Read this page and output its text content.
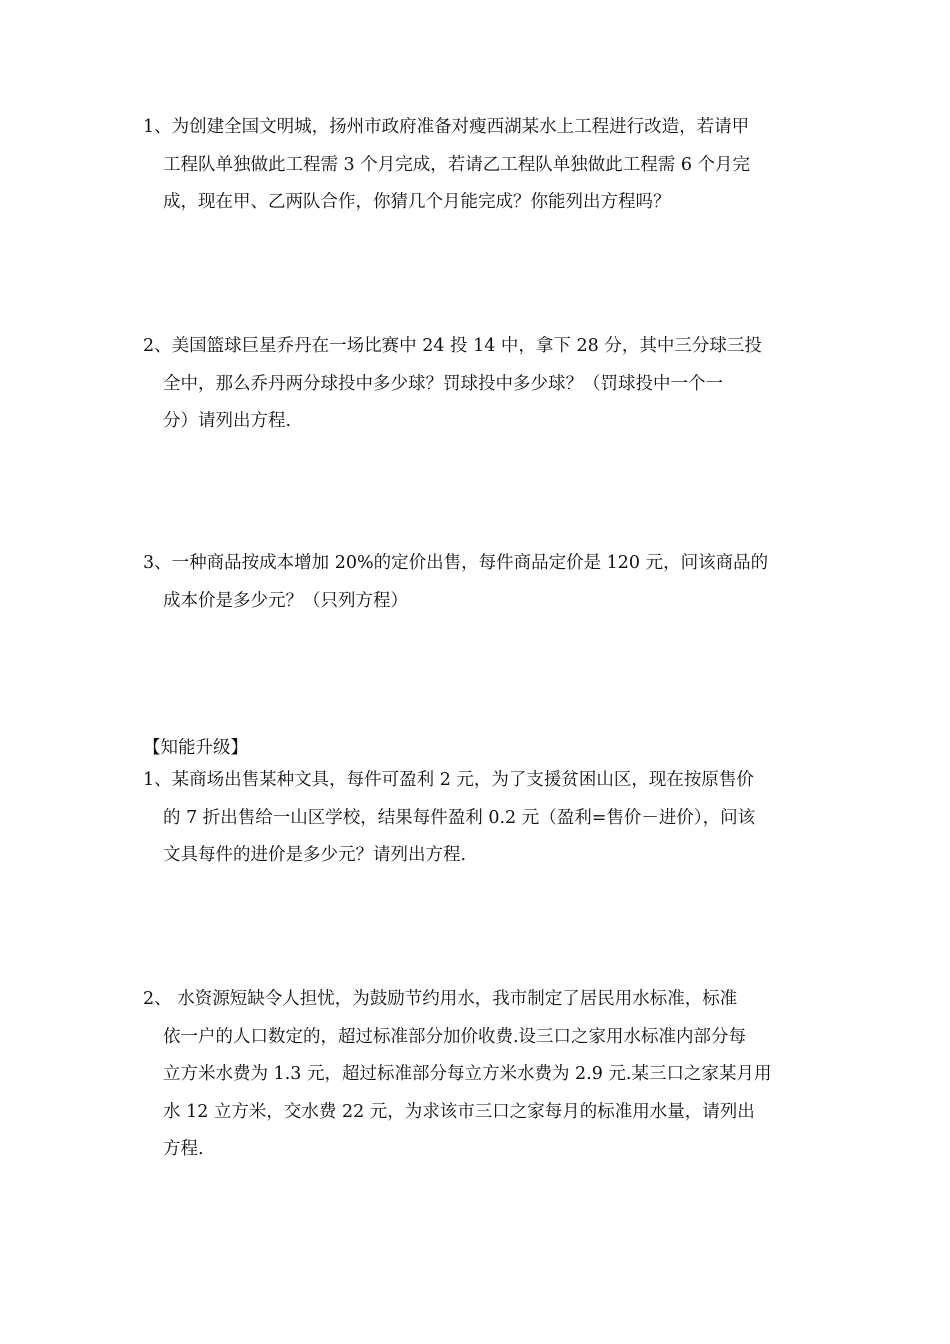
1、为创建全国文明城，扬州市政府准备对瘦西湖某水上工程进行改造，若请甲
工程队单独做此工程需 3 个月完成，若请乙工程队单独做此工程需 6 个月完
成，现在甲、乙两队合作，你猜几个月能完成？你能列出方程吗？
2、美国篮球巨星乔丹在一场比赛中 24 投 14 中，拿下 28 分，其中三分球三投
全中，那么乔丹两分球投中多少球？罚球投中多少球？（罚球投中一个一
分）请列出方程.
3、一种商品按成本增加 20%的定价出售，每件商品定价是 120 元，问该商品的
成本价是多少元？（只列方程）
【知能升级】
1、某商场出售某种文具，每件可盈利 2 元，为了支援贫困山区，现在按原售价
的 7 折出售给一山区学校，结果每件盈利 0.2 元（盈利=售价－进价），问该
文具每件的进价是多少元？请列出方程.
2、 水资源短缺令人担忧，为鼓励节约用水，我市制定了居民用水标准，标准
依一户的人口数定的，超过标准部分加价收费.设三口之家用水标准内部分每
立方米水费为 1.3 元，超过标准部分每立方米水费为 2.9 元.某三口之家某月用
水 12 立方米，交水费 22 元，为求该市三口之家每月的标准用水量，请列出
方程.
